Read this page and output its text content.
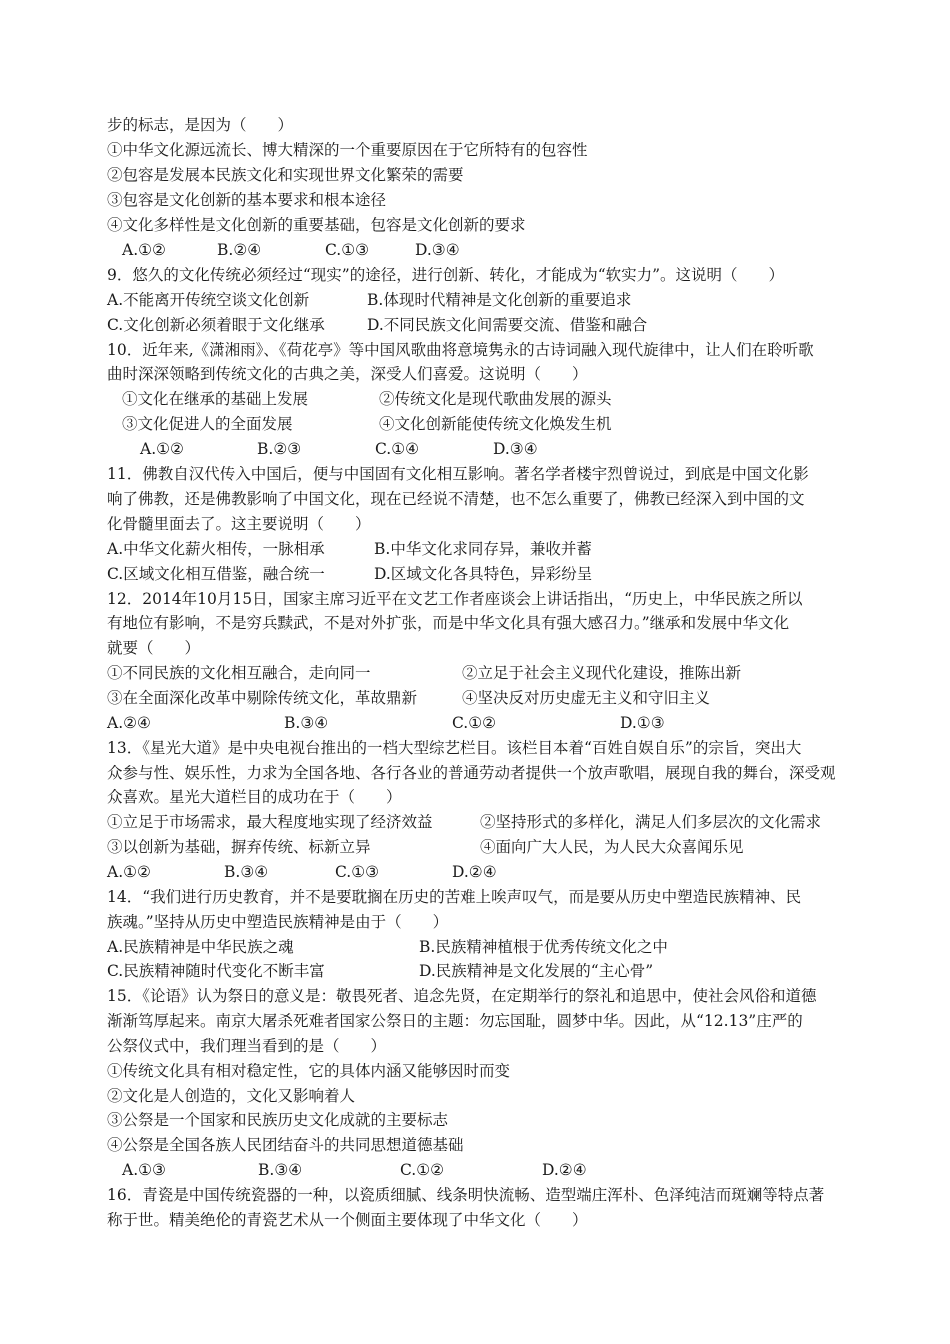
步的标志，是因为（　　）
①中华文化源远流长、博大精深的一个重要原因在于它所特有的包容性
②包容是发展本民族文化和实现世界文化繁荣的需要
③包容是文化创新的基本要求和根本途径
④文化多样性是文化创新的重要基础，包容是文化创新的要求
A.①②	B.②④	C.①③	D.③④
9．悠久的文化传统必须经过“现实”的途径，进行创新、转化，才能成为“软实力”。这说明（　　）
A.不能离开传统空谈文化创新	B.体现时代精神是文化创新的重要追求
C.文化创新必须着眼于文化继承	D.不同民族文化间需要交流、借鉴和融合
10．近年来,《潇湘雨》、《荷花亭》等中国风歌曲将意境隽永的古诗词融入现代旋律中，让人们在聆听歌
曲时深深领略到传统文化的古典之美，深受人们喜爱。这说明（　　）
①文化在继承的基础上发展	②传统文化是现代歌曲发展的源头
③文化促进人的全面发展	④文化创新能使传统文化焕发生机
A.①②	B.②③	C.①④	D.③④
11．佛教自汉代传入中国后，便与中国固有文化相互影响。著名学者楼宇烈曾说过，到底是中国文化影
响了佛教，还是佛教影响了中国文化，现在已经说不清楚，也不怎么重要了，佛教已经深入到中国的文
化骨髓里面去了。这主要说明（　　）
A.中华文化薪火相传，一脉相承	B.中华文化求同存异，兼收并蓄
C.区域文化相互借鉴，融合统一	D.区域文化各具特色，异彩纷呈
12．2014年10月15日，国家主席习近平在文艺工作者座谈会上讲话指出，“历史上，中华民族之所以
有地位有影响，不是穷兵黩武，不是对外扩张，而是中华文化具有强大感召力。”继承和发展中华文化
就要（　　）
①不同民族的文化相互融合，走向同一	②立足于社会主义现代化建设，推陈出新
③在全面深化改革中剔除传统文化，革故鼎新	④坚决反对历史虚无主义和守旧主义
A.②④	B.③④	C.①②	D.①③
13．《星光大道》是中央电视台推出的一档大型综艺栏目。该栏目本着“百姓自娱自乐”的宗旨，突出大
众参与性、娱乐性，力求为全国各地、各行各业的普通劳动者提供一个放声歌唱，展现自我的舞台，深受观
众喜欢。星光大道栏目的成功在于（　　）
①立足于市场需求，最大程度地实现了经济效益	②坚持形式的多样化，满足人们多层次的文化需求
③以创新为基础，摒弃传统、标新立异	④面向广大人民，为人民大众喜闻乐见
A.①②	B.③④	C.①③	D.②④
14．“我们进行历史教育，并不是要耽搁在历史的苦难上唉声叹气，而是要从历史中塑造民族精神、民
族魂。”坚持从历史中塑造民族精神是由于（　　）
A.民族精神是中华民族之魂	B.民族精神植根于优秀传统文化之中
C.民族精神随时代变化不断丰富	D.民族精神是文化发展的“主心骨”
15．《论语》认为祭日的意义是：敬畏死者、追念先贤，在定期举行的祭礼和追思中，使社会风俗和道德
渐渐笃厚起来。南京大屠杀死难者国家公祭日的主题：勿忘国耻，圆梦中华。因此，从“12.13”庄严的
公祭仪式中，我们理当看到的是（　　）
①传统文化具有相对稳定性，它的具体内涵又能够因时而变
②文化是人创造的，文化又影响着人
③公祭是一个国家和民族历史文化成就的主要标志
④公祭是全国各族人民团结奋斗的共同思想道德基础
A.①③	B.③④	C.①②	D.②④
16．青瓷是中国传统瓷器的一种，以瓷质细腻、线条明快流畅、造型端庄浑朴、色泽纯洁而斑斓等特点著
称于世。精美绝伦的青瓷艺术从一个侧面主要体现了中华文化（　　）
